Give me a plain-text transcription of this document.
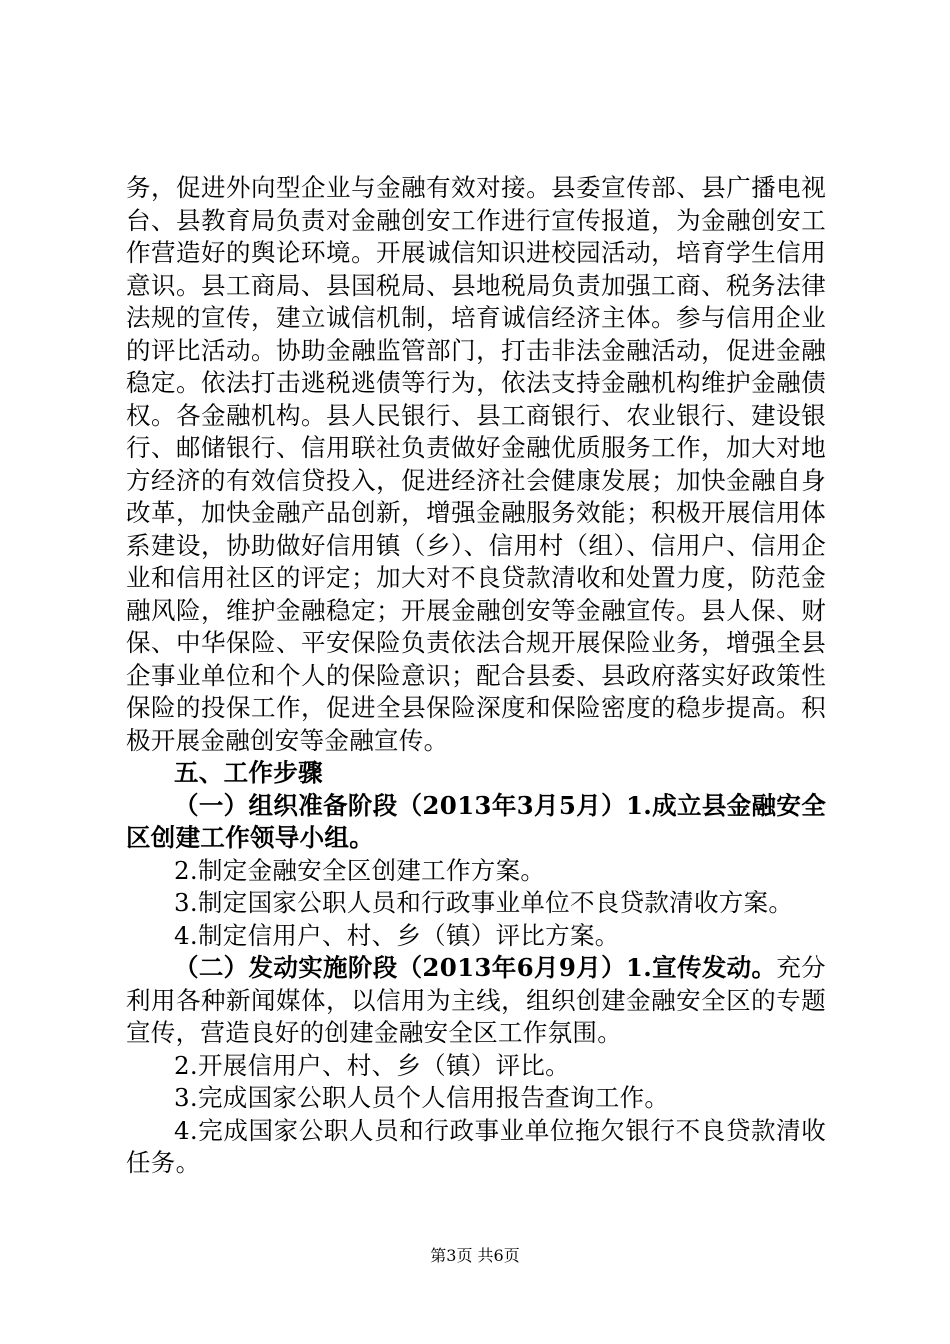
务，促进外向型企业与金融有效对接。县委宣传部、县广播电视台、县教育局负责对金融创安工作进行宣传报道，为金融创安工作营造好的舆论环境。开展诚信知识进校园活动，培育学生信用意识。县工商局、县国税局、县地税局负责加强工商、税务法律法规的宣传，建立诚信机制，培育诚信经济主体。参与信用企业的评比活动。协助金融监管部门，打击非法金融活动，促进金融稳定。依法打击逃税逃债等行为，依法支持金融机构维护金融债权。各金融机构。县人民银行、县工商银行、农业银行、建设银行、邮储银行、信用联社负责做好金融优质服务工作，加大对地方经济的有效信贷投入，促进经济社会健康发展；加快金融自身改革，加快金融产品创新，增强金融服务效能；积极开展信用体系建设，协助做好信用镇（乡）、信用村（组）、信用户、信用企业和信用社区的评定；加大对不良贷款清收和处置力度，防范金融风险，维护金融稳定；开展金融创安等金融宣传。县人保、财保、中华保险、平安保险负责依法合规开展保险业务，增强全县企事业单位和个人的保险意识；配合县委、县政府落实好政策性保险的投保工作，促进全县保险深度和保险密度的稳步提高。积极开展金融创安等金融宣传。

五、工作步骤

（一）组织准备阶段（2013年3月5月）1.成立县金融安全区创建工作领导小组。

2.制定金融安全区创建工作方案。

3.制定国家公职人员和行政事业单位不良贷款清收方案。

4.制定信用户、村、乡（镇）评比方案。

（二）发动实施阶段（2013年6月9月）1.宣传发动。充分利用各种新闻媒体，以信用为主线，组织创建金融安全区的专题宣传，营造良好的创建金融安全区工作氛围。

2.开展信用户、村、乡（镇）评比。

3.完成国家公职人员个人信用报告查询工作。

4.完成国家公职人员和行政事业单位拖欠银行不良贷款清收任务。

第3页 共6页
